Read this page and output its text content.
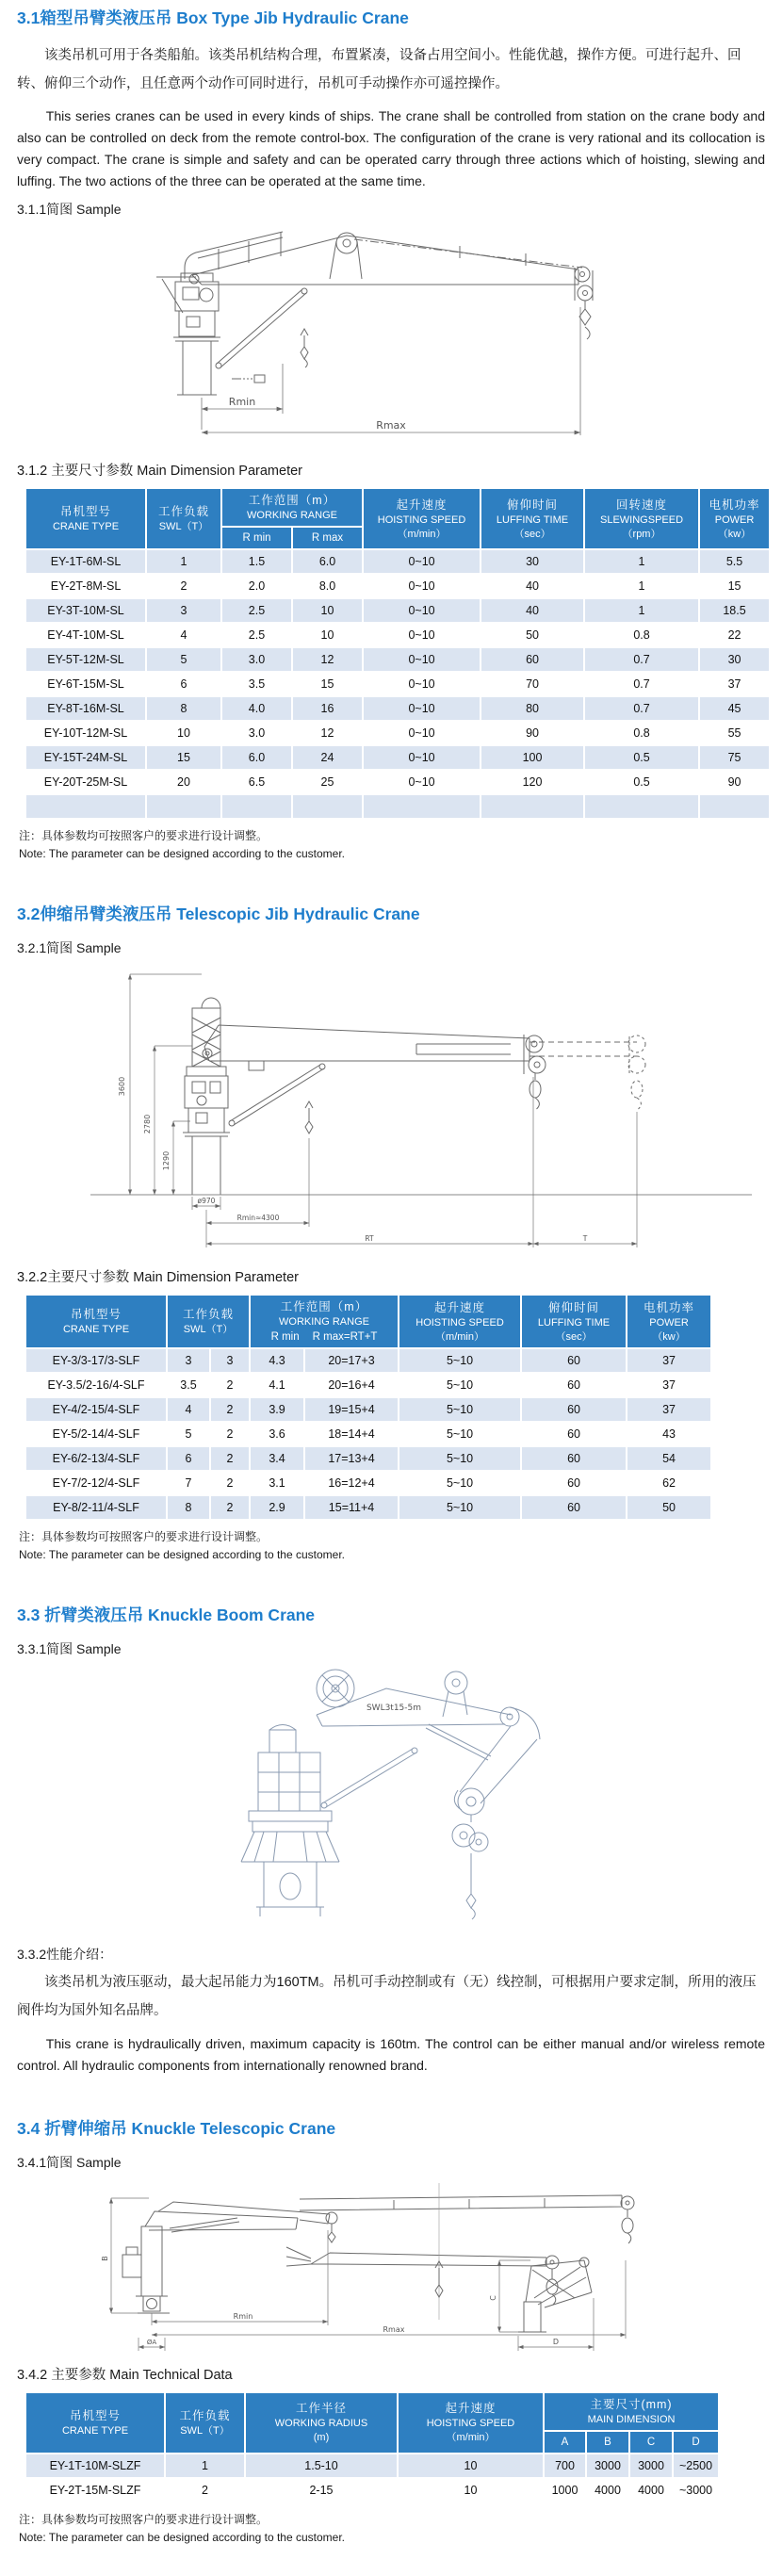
3.1箱型吊臂类液压吊 Box Type Jib Hydraulic Crane

该类吊机可用于各类船舶。该类吊机结构合理，布置紧凑，设备占用空间小。性能优越，操作方便。可进行起升、回转、俯仰三个动作，且任意两个动作可同时进行，吊机可手动操作亦可遥控操作。

This series cranes can be used in every kinds of ships. The crane shall be controlled from station on the crane body and also can be controlled on deck from the remote control-box. The configuration of the crane is very rational and its collocation is very compact. The crane is simple and safety and can be operated carry through three actions which of hoisting, slewing and luffing. The two actions of the three can be operated at the same time.

3.1.1简图 Sample
Rmin
Rmax
3.1.2 主要尺寸参数 Main Dimension Parameter
吊机型号
CRANE TYPE

工作负载
SWL（T）

工作范围（m）
WORKING RANGE

起升速度
HOISTING SPEED
（m/min）

俯仰时间
LUFFING TIME
（sec）

回转速度
SLEWINGSPEED
（rpm）

电机功率
POWER
（kw）

		R min	R max				

EY-1T-6M-SL	1	1.5	6.0	0~10	30	1	5.5
EY-2T-8M-SL	2	2.0	8.0	0~10	40	1	15
EY-3T-10M-SL	3	2.5	10	0~10	40	1	18.5
EY-4T-10M-SL	4	2.5	10	0~10	50	0.8	22
EY-5T-12M-SL	5	3.0	12	0~10	60	0.7	30
EY-6T-15M-SL	6	3.5	15	0~10	70	0.7	37
EY-8T-16M-SL	8	4.0	16	0~10	80	0.7	45
EY-10T-12M-SL	10	3.0	12	0~10	90	0.8	55
EY-15T-24M-SL	15	6.0	24	0~10	100	0.5	75
EY-20T-25M-SL	20	6.5	25	0~10	120	0.5	90

注：具体参数均可按照客户的要求进行设计调整。
Note: The parameter can be designed according to the customer.
3.2伸缩吊臂类液压吊 Telescopic Jib Hydraulic Crane
3.2.1简图 Sample
3600
2780
1290
ø970
Rmin≈4300
RT	T
3.2.2主要尺寸参数 Main Dimension Parameter
吊机型号
CRANE TYPE

工作负载
SWL（T）

工作范围（m）
WORKING RANGE
R min R max=RT+T

起升速度
HOISTING SPEED
（m/min）

俯仰时间
LUFFING TIME
（sec）

电机功率
POWER
（kw）

EY-3/3-17/3-SLF	3	3	4.3	20=17+3	5~10	60	37
EY-3.5/2-16/4-SLF	3.5	2	4.1	20=16+4	5~10	60	37
EY-4/2-15/4-SLF	4	2	3.9	19=15+4	5~10	60	37
EY-5/2-14/4-SLF	5	2	3.6	18=14+4	5~10	60	43
EY-6/2-13/4-SLF	6	2	3.4	17=13+4	5~10	60	54
EY-7/2-12/4-SLF	7	2	3.1	16=12+4	5~10	60	62
EY-8/2-11/4-SLF	8	2	2.9	15=11+4	5~10	60	50
注：具体参数均可按照客户的要求进行设计调整。
Note: The parameter can be designed according to the customer.
3.3 折臂类液压吊 Knuckle Boom Crane
3.3.1简图 Sample
SWL3t15-5m
3.3.2性能介绍：

该类吊机为液压驱动，最大起吊能力为160TM。吊机可手动控制或有（无）线控制，可根据用户要求定制，所用的液压阀件均为国外知名品牌。

This crane is hydraulically driven, maximum capacity is 160tm. The control can be either manual and/or wireless remote control. All hydraulic components from internationally renowned brand.

3.4 折臂伸缩吊 Knuckle Telescopic Crane
3.4.1简图 Sample
B
C
D
Rmin
Rmax
ØA
3.4.2 主要参数 Main Technical Data
吊机型号
CRANE TYPE

工作负载
SWL（T）

工作半径
WORKING RADIUS
(m)

起升速度
HOISTING SPEED
（m/min）

主要尺寸(mm)
MAIN DIMENSION

				A	B	C	D

EY-1T-10M-SLZF	1	1.5-10	10	700	3000	3000	~2500
EY-2T-15M-SLZF	2	2-15	10	1000	4000	4000	~3000
注：具体参数均可按照客户的要求进行设计调整。
Note: The parameter can be designed according to the customer.
